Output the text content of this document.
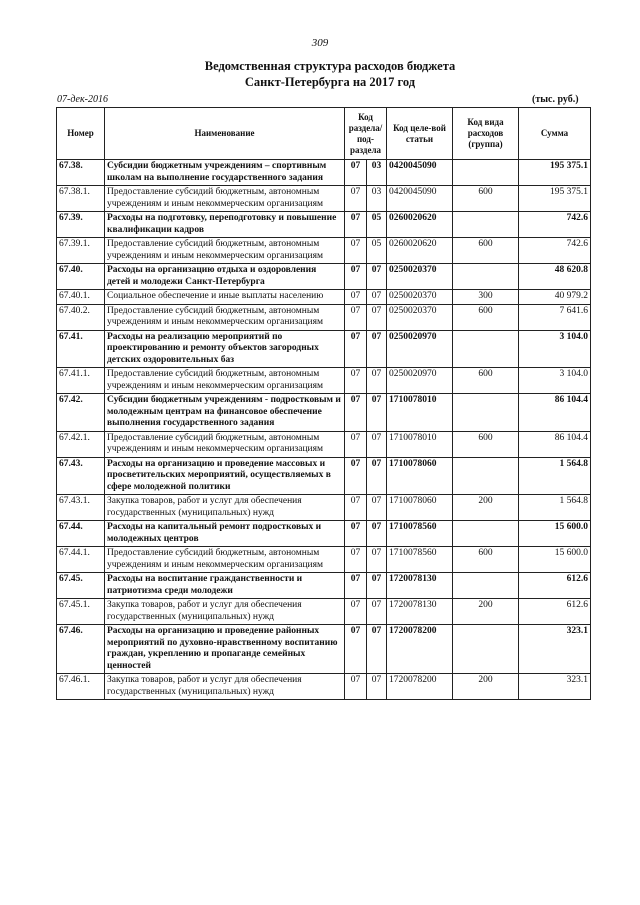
309
Ведомственная структура расходов бюджета
Санкт-Петербурга на 2017 год
07-дек-2016	(тыс. руб.)
Номер	Наименование	Код раздела/ под-раздела		Код целе-вой статьи	Код вида расходов (группа)	Сумма
67.38.	Субсидии бюджетным учреждениям – спортивным школам на выполнение государственного задания	07	03	0420045090		195 375.1
67.38.1.	Предоставление субсидий бюджетным, автономным учреждениям и иным некоммерческим организациям	07	03	0420045090	600	195 375.1
67.39.	Расходы на подготовку, переподготовку и повышение квалификации кадров	07	05	0260020620		742.6
67.39.1.	Предоставление субсидий бюджетным, автономным учреждениям и иным некоммерческим организациям	07	05	0260020620	600	742.6
67.40.	Расходы на организацию отдыха и оздоровления детей и молодежи Санкт-Петербурга	07	07	0250020370		48 620.8
67.40.1.	Социальное обеспечение и иные выплаты населению	07	07	0250020370	300	40 979.2
67.40.2.	Предоставление субсидий бюджетным, автономным учреждениям и иным некоммерческим организациям	07	07	0250020370	600	7 641.6
67.41.	Расходы на реализацию мероприятий по проектированию и ремонту объектов загородных детских оздоровительных баз	07	07	0250020970		3 104.0
67.41.1.	Предоставление субсидий бюджетным, автономным учреждениям и иным некоммерческим организациям	07	07	0250020970	600	3 104.0
67.42.	Субсидии бюджетным учреждениям - подростковым и молодежным центрам на финансовое обеспечение выполнения государственного задания	07	07	1710078010		86 104.4
67.42.1.	Предоставление субсидий бюджетным, автономным учреждениям и иным некоммерческим организациям	07	07	1710078010	600	86 104.4
67.43.	Расходы на организацию и проведение массовых и просветительских мероприятий, осуществляемых в сфере молодежной политики	07	07	1710078060		1 564.8
67.43.1.	Закупка товаров, работ и услуг для обеспечения государственных (муниципальных) нужд	07	07	1710078060	200	1 564.8
67.44.	Расходы на капитальный ремонт подростковых и молодежных центров	07	07	1710078560		15 600.0
67.44.1.	Предоставление субсидий бюджетным, автономным учреждениям и иным некоммерческим организациям	07	07	1710078560	600	15 600.0
67.45.	Расходы на воспитание гражданственности и патриотизма среди молодежи	07	07	1720078130		612.6
67.45.1.	Закупка товаров, работ и услуг для обеспечения государственных (муниципальных) нужд	07	07	1720078130	200	612.6
67.46.	Расходы на организацию и проведение районных мероприятий по духовно-нравственному воспитанию граждан, укреплению и пропаганде семейных ценностей	07	07	1720078200		323.1
67.46.1.	Закупка товаров, работ и услуг для обеспечения государственных (муниципальных) нужд	07	07	1720078200	200	323.1
